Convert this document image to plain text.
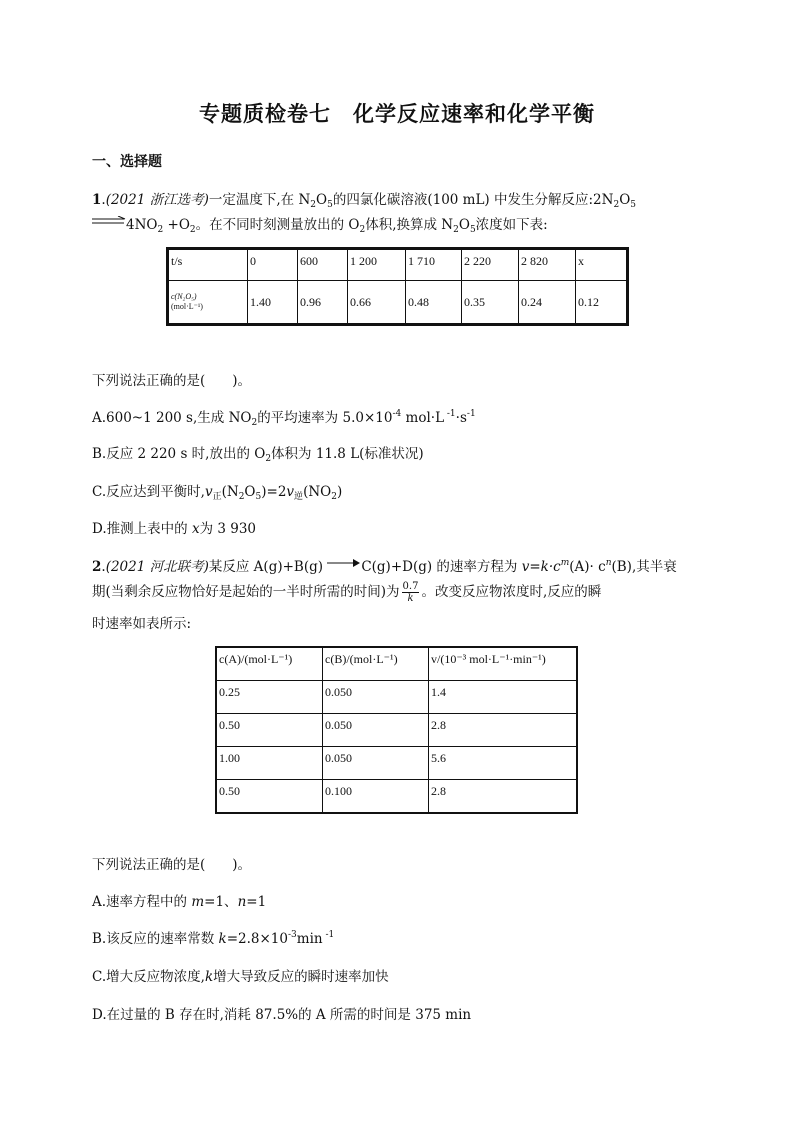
专题质检卷七　化学反应速率和化学平衡
一、选择题
1.(2021 浙江选考)一定温度下,在 $N_2O_5$的四氯化碳溶液(100 mL) 中发生分解反应$:2N_2O_5$
$4NO_2 +O_2$。在不同时刻测量放出的 $O_2$体积,换算成 $N_2O_5$浓度如下表:
t/s	0	600	1 200	1 710	2 220	2 820	x

c(N₂O₅)
(mol·L⁻¹)	1.40	0.96	0.66	0.48	0.35	0.24	0.12
下列说法正确的是(　　)。
A.600~1 200 s,生成 $NO_2$的平均速率为 $5.0\times 10^{-4}$ mol·L $^{-1}\cdot s^{-1}$
B.反应 2 220 s 时,放出的 $O_2$体积为 11.8 L(标准状况)
C.反应达到平衡时$,v_正(N_2O_5)=2v_逆(NO_2)$
D.推测上表中的 x为 3 930
2.(2021 河北联考)某反应 A(g)+B(g) →C(g)+D(g) 的速率方程为 $v=k\cdot c^m(A)\cdot c^n(B)$,其半衰
期(当剩余反应物恰好是起始的一半时所需的时间)为 $\frac{0.7}{k}$ 。改变反应物浓度时,反应的瞬
时速率如表所示:
c(A)/(mol·L⁻¹)	c(B)/(mol·L⁻¹)	v/(10⁻³ mol·L⁻¹·min⁻¹)
0.25	0.050	1.4
0.50	0.050	2.8
1.00	0.050	5.6
0.50	0.100	2.8
下列说法正确的是(　　)。
A.速率方程中的 m=1、n=1
B.该反应的速率常数 $k=2.8\times 10^{-3}\min$ $^{-1}$
C.增大反应物浓度,k增大导致反应的瞬时速率加快
D.在过量的 B 存在时,消耗 87.5%的 A 所需的时间是 375 min
